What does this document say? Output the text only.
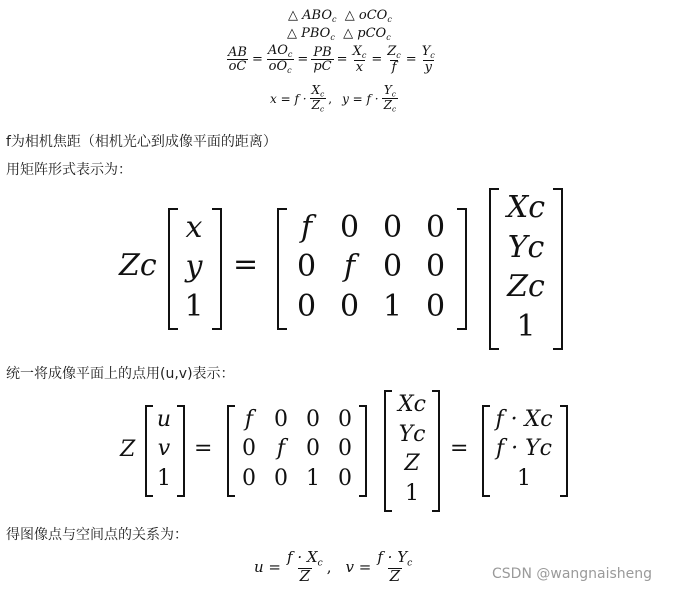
△ $ABO_c$ △ oCO$_c$
△ $PBO_c$ △ pCO$_c$
$\frac{AB}{oC} = \frac{AO_c}{oO_c} = \frac{PB}{pC} = \frac{X_c}{x} = \frac{Z_c}{f} = \frac{Y_c}{y}$
$x = f \cdot \frac{X_c}{Z_c}$ , $y = f \cdot \frac{Y_c}{Z_c}$
f为相机焦距（相机光心到成像平面的距离）
用矩阵形式表示为：
Zc
x
y
1
=
f 0 0 0
0 f 0 0
0 0 1 0
Xc
Yc
Zc
1
统一将成像平面上的点用(u,v)表示：
Z
u
v
1
=
f 0 0 0
0 f 0 0
0 0 1 0
Xc
Yc
Z
1
=
f · Xc
f · Yc
1
得图像点与空间点的关系为：
$u = \frac{f \cdot X_c}{Z}$ , $v = \frac{f \cdot Y_c}{Z}$	CSDN @wangnaisheng
